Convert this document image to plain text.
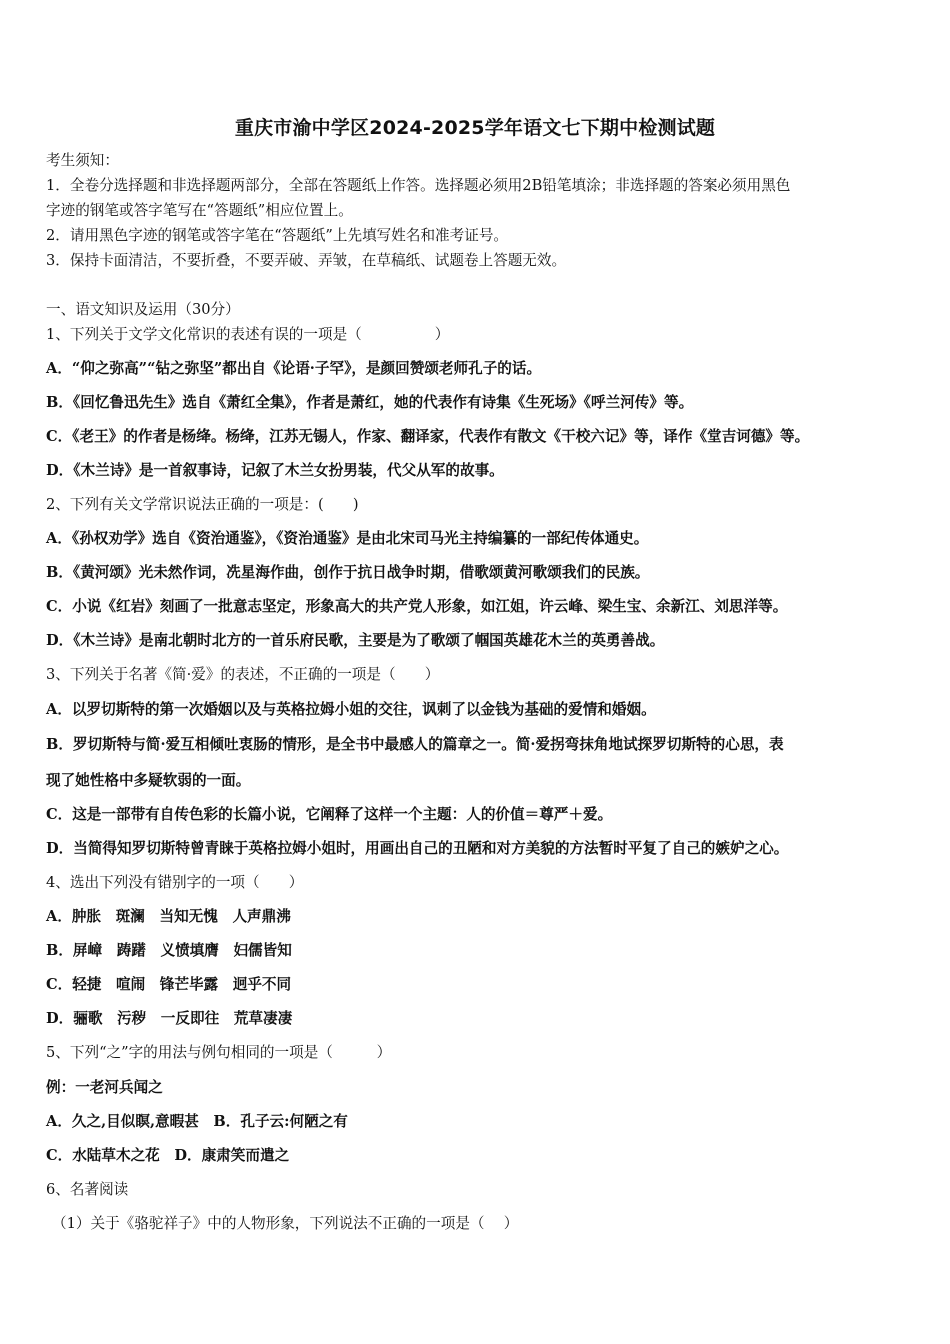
重庆市渝中学区2024-2025学年语文七下期中检测试题
考生须知：
1．全卷分选择题和非选择题两部分，全部在答题纸上作答。选择题必须用2B铅笔填涂；非选择题的答案必须用黑色
字迹的钢笔或答字笔写在“答题纸”相应位置上。
2．请用黑色字迹的钢笔或答字笔在“答题纸”上先填写姓名和准考证号。
3．保持卡面清洁，不要折叠，不要弄破、弄皱，在草稿纸、试题卷上答题无效。
一、语文知识及运用（30分）
1、下列关于文学文化常识的表述有误的一项是（　　　　　）
A．“仰之弥高”“钻之弥坚”都出自《论语·子罕》，是颜回赞颂老师孔子的话。
B．《回忆鲁迅先生》选自《萧红全集》，作者是萧红，她的代表作有诗集《生死场》《呼兰河传》等。
C．《老王》的作者是杨绛。杨绛，江苏无锡人，作家、翻译家，代表作有散文《干校六记》等，译作《堂吉诃德》等。
D．《木兰诗》是一首叙事诗，记叙了木兰女扮男装，代父从军的故事。
2、下列有关文学常识说法正确的一项是：(　　)
A．《孙权劝学》选自《资治通鉴》，《资治通鉴》是由北宋司马光主持编纂的一部纪传体通史。
B．《黄河颂》光未然作词，冼星海作曲，创作于抗日战争时期，借歌颂黄河歌颂我们的民族。
C．小说《红岩》刻画了一批意志坚定，形象高大的共产党人形象，如江姐，许云峰、梁生宝、余新江、刘思洋等。
D．《木兰诗》是南北朝时北方的一首乐府民歌，主要是为了歌颂了帼国英雄花木兰的英勇善战。
3、下列关于名著《简·爱》的表述，不正确的一项是（　　）
A．以罗切斯特的第一次婚姻以及与英格拉姆小姐的交往，讽刺了以金钱为基础的爱情和婚姻。
B．罗切斯特与简·爱互相倾吐衷肠的情形，是全书中最感人的篇章之一。简·爱拐弯抹角地试探罗切斯特的心思，表
现了她性格中多疑软弱的一面。
C．这是一部带有自传色彩的长篇小说，它阐释了这样一个主题：人的价值＝尊严＋爱。
D．当简得知罗切斯特曾青睐于英格拉姆小姐时，用画出自己的丑陋和对方美貌的方法暂时平复了自己的嫉妒之心。
4、选出下列没有错别字的一项（　　）
A．肿胀　斑澜　当知无愧　人声鼎沸
B．屏嶂　踌躇　义愤填膺　妇儒皆知
C．轻捷　喧闹　锋芒毕露　迥乎不同
D．骊歌　污秽　一反即往　荒草凄凄
5、下列“之”字的用法与例句相同的一项是（　　　）
例：一老河兵闻之
A．久之,目似瞑,意暇甚　B．孔子云:何陋之有
C．水陆草木之花　D．康肃笑而遣之
6、名著阅读
（1）关于《骆驼祥子》中的人物形象，下列说法不正确的一项是（　 ）
